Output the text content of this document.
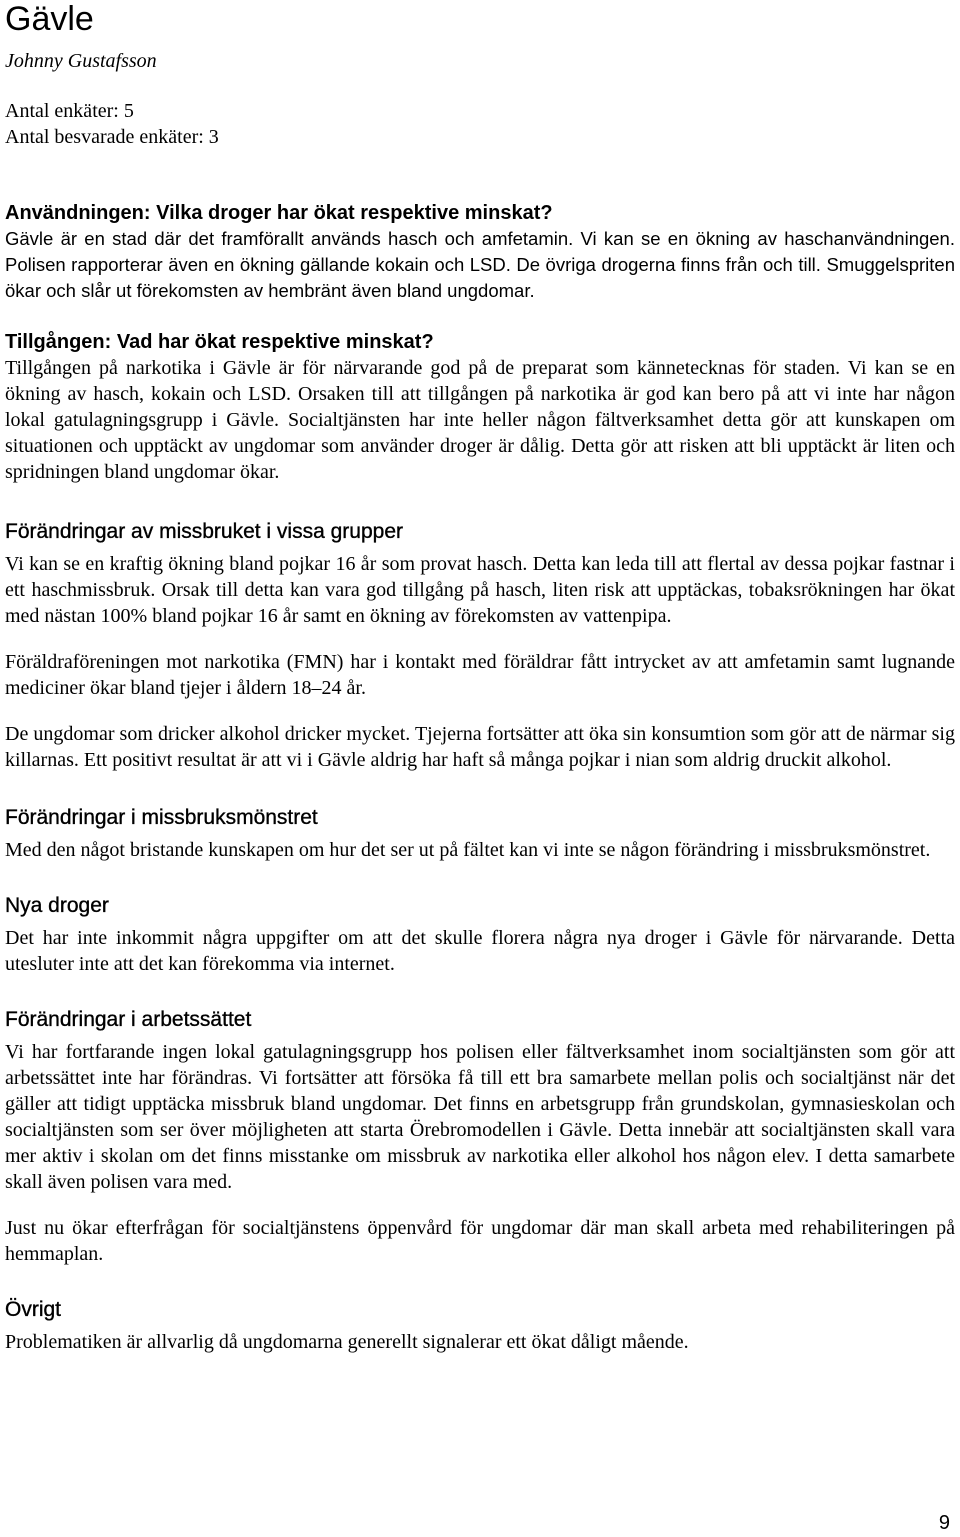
Gävle

Johnny Gustafsson

Antal enkäter: 5

Antal besvarade enkäter: 3

Användningen: Vilka droger har ökat respektive minskat?

Gävle är en stad där det framförallt används hasch och amfetamin. Vi kan se en ökning av haschanvändningen. Polisen rapporterar även en ökning gällande kokain och LSD. De övriga drogerna finns från och till. Smuggelspriten ökar och slår ut förekomsten av hembränt även bland ungdomar.

Tillgången: Vad har ökat respektive minskat?

Tillgången på narkotika i Gävle är för närvarande god på de preparat som kännetecknas för staden. Vi kan se en ökning av hasch, kokain och LSD. Orsaken till att tillgången på narkotika är god kan bero på att vi inte har någon lokal gatulagningsgrupp i Gävle. Socialtjänsten har inte heller någon fältverksamhet detta gör att kunskapen om situationen och upptäckt av ungdomar som använder droger är dålig. Detta gör att risken att bli upptäckt är liten och spridningen bland ungdomar ökar.

Förändringar av missbruket i vissa grupper

Vi kan se en kraftig ökning bland pojkar 16 år som provat hasch. Detta kan leda till att flertal av dessa pojkar fastnar i ett haschmissbruk. Orsak till detta kan vara god tillgång på hasch, liten risk att upptäckas, tobaksrökningen har ökat med nästan 100% bland pojkar 16 år samt en ökning av förekomsten av vattenpipa.

Föräldraföreningen mot narkotika (FMN) har i kontakt med föräldrar fått intrycket av att amfetamin samt lugnande mediciner ökar bland tjejer i åldern 18–24 år.

De ungdomar som dricker alkohol dricker mycket. Tjejerna fortsätter att öka sin konsumtion som gör att de närmar sig killarnas. Ett positivt resultat är att vi i Gävle aldrig har haft så många pojkar i nian som aldrig druckit alkohol.

Förändringar i missbruksmönstret

Med den något bristande kunskapen om hur det ser ut på fältet kan vi inte se någon förändring i missbruksmönstret.

Nya droger

Det har inte inkommit några uppgifter om att det skulle florera några nya droger i Gävle för närvarande. Detta utesluter inte att det kan förekomma via internet.

Förändringar i arbetssättet

Vi har fortfarande ingen lokal gatulagningsgrupp hos polisen eller fältverksamhet inom socialtjänsten som gör att arbetssättet inte har förändras. Vi fortsätter att försöka få till ett bra samarbete mellan polis och socialtjänst när det gäller att tidigt upptäcka missbruk bland ungdomar. Det finns en arbetsgrupp från grundskolan, gymnasieskolan och socialtjänsten som ser över möjligheten att starta Örebromodellen i Gävle. Detta innebär att socialtjänsten skall vara mer aktiv i skolan om det finns misstanke om missbruk av narkotika eller alkohol hos någon elev. I detta samarbete skall även polisen vara med.

Just nu ökar efterfrågan för socialtjänstens öppenvård för ungdomar där man skall arbeta med rehabiliteringen på hemmaplan.

Övrigt

Problematiken är allvarlig då ungdomarna generellt signalerar ett ökat dåligt mående.

9
